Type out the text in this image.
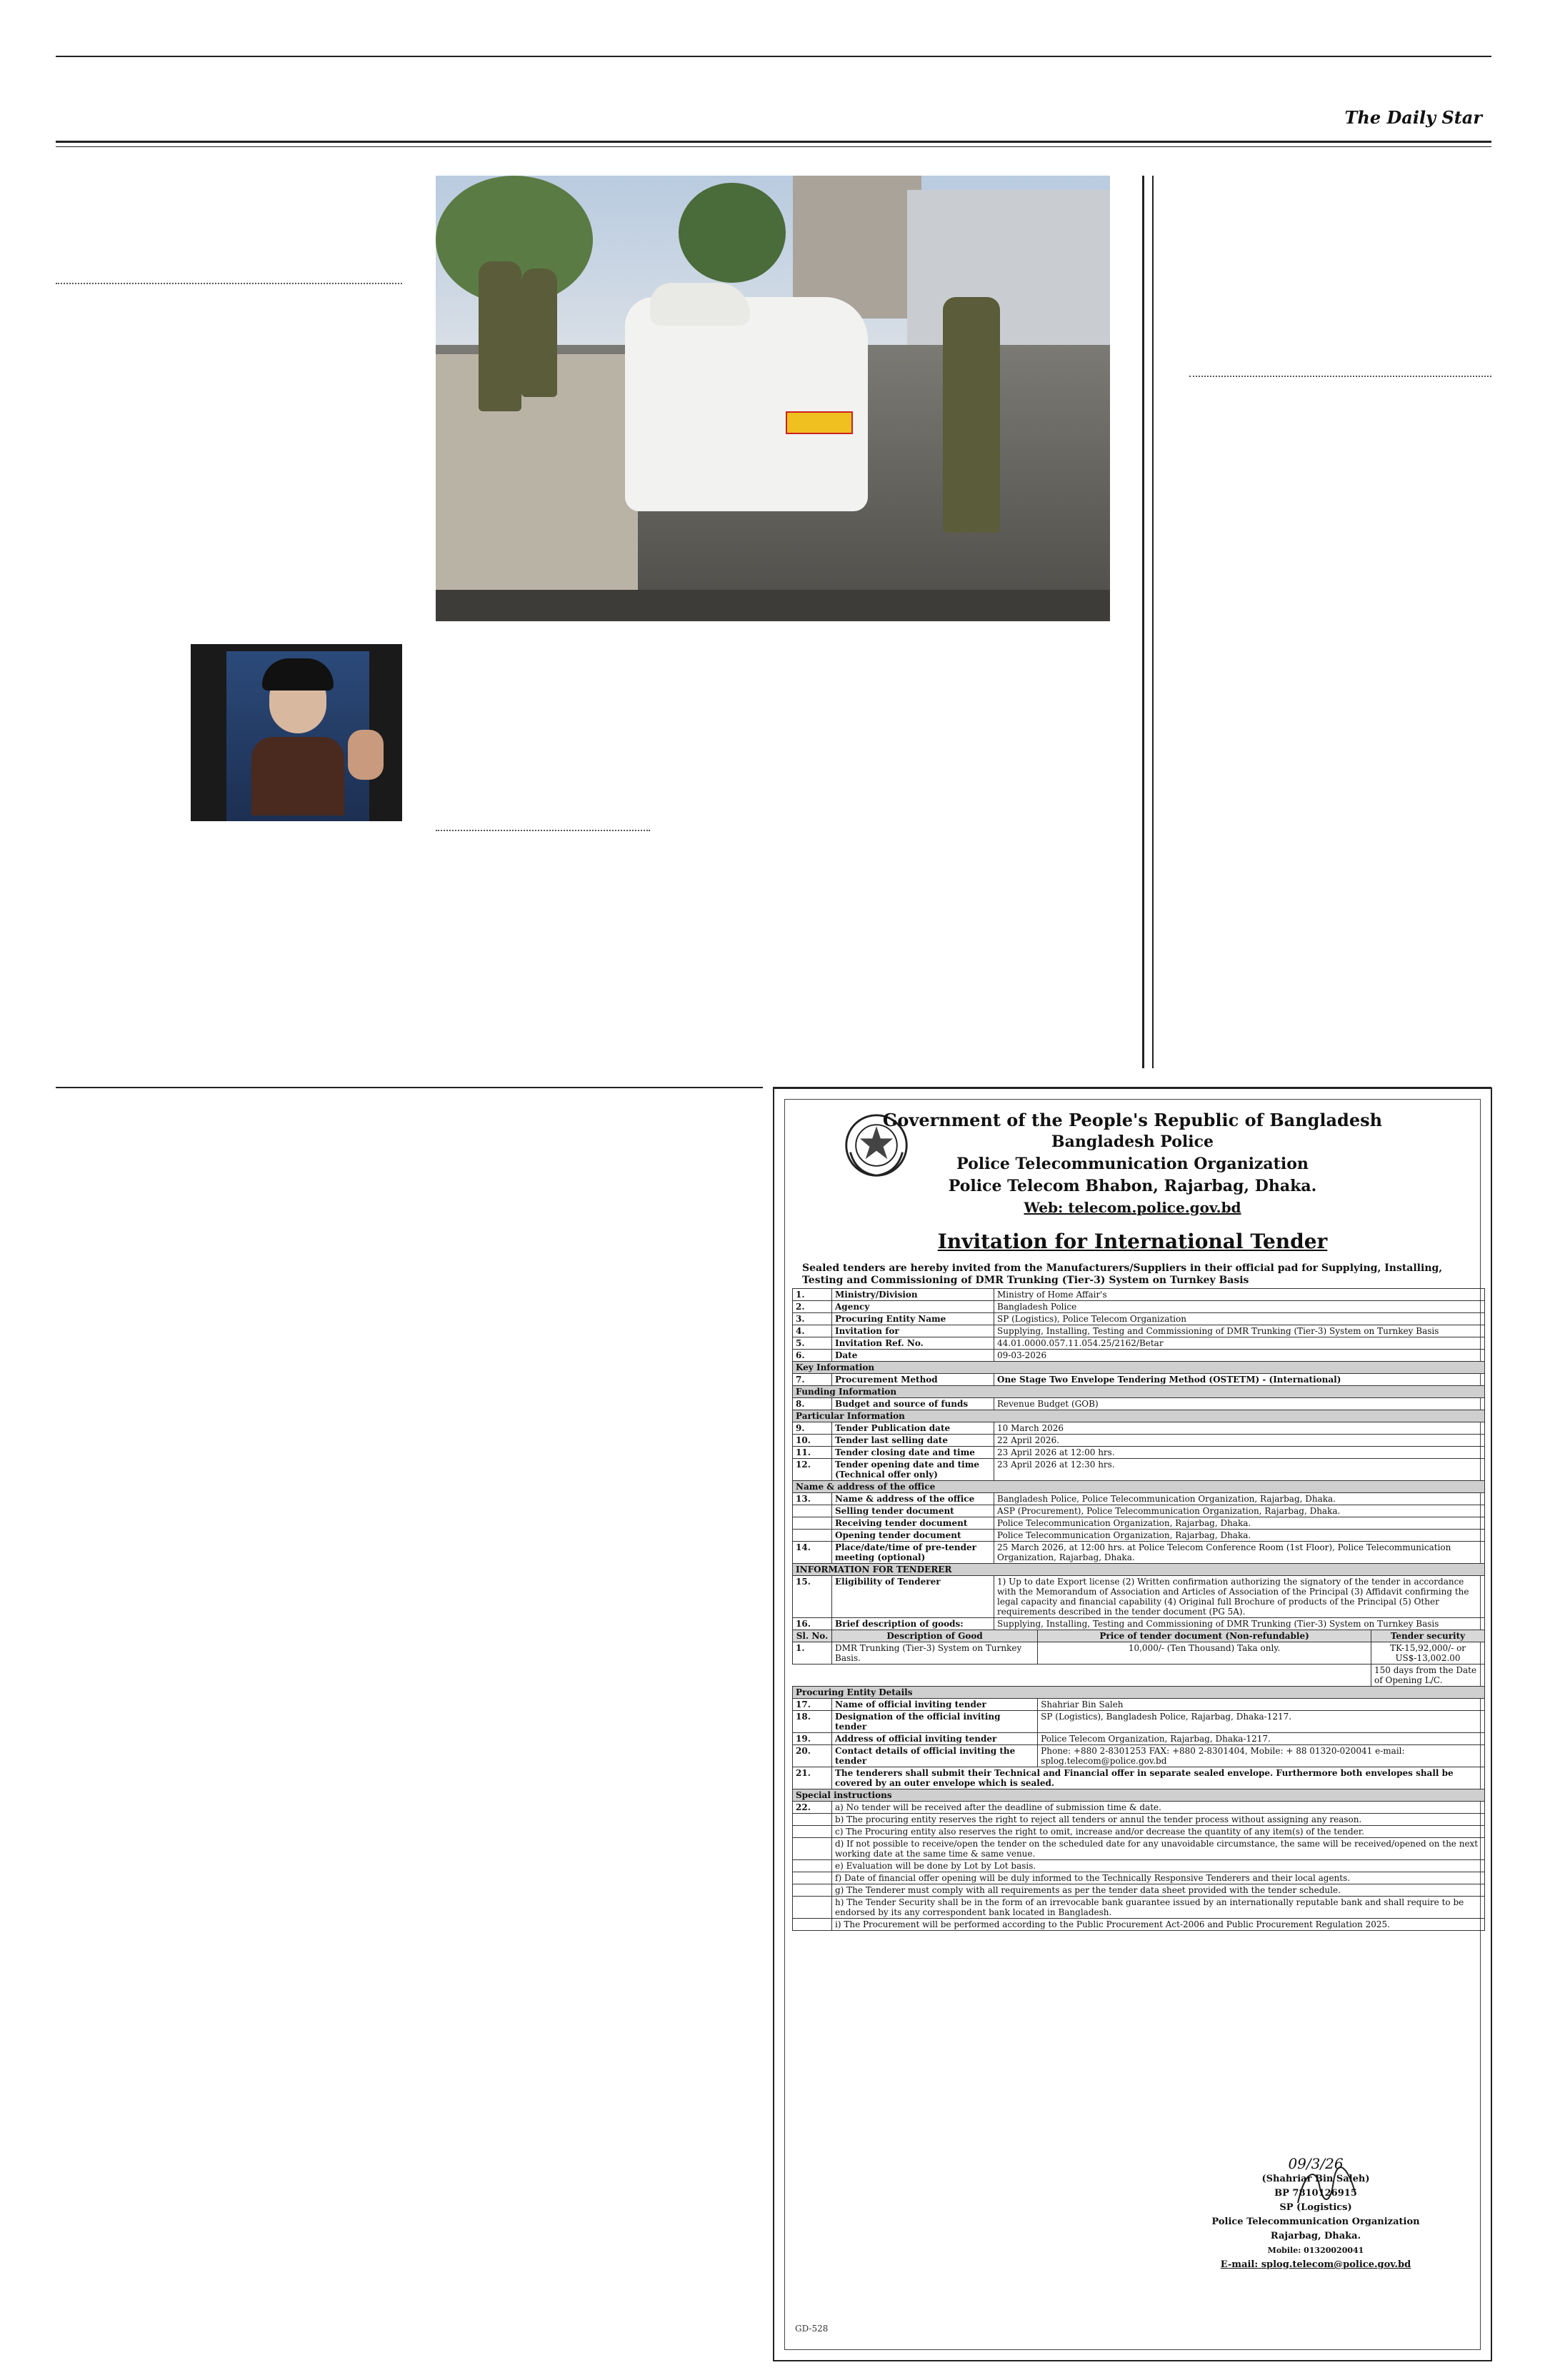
The Daily Star
Government of the People's Republic of Bangladesh
Bangladesh Police
Police Telecommunication Organization
Police Telecom Bhabon, Rajarbag, Dhaka.
Web: telecom.police.gov.bd
Invitation for International Tender
Sealed tenders are hereby invited from the Manufacturers/Suppliers in their official pad for Supplying, Installing, Testing and Commissioning of DMR Trunking (Tier-3) System on Turnkey Basis
1.	Ministry/Division	Ministry of Home Affair's		
2.	Agency	Bangladesh Police		
3.	Procuring Entity Name	SP (Logistics), Police Telecom Organization		
4.	Invitation for	Supplying, Installing, Testing and Commissioning of DMR Trunking (Tier-3) System on Turnkey Basis		
5.	Invitation Ref. No.	44.01.0000.057.11.054.25/2162/Betar		
6.	Date	09-03-2026		
Key Information				
7.	Procurement Method	One Stage Two Envelope Tendering Method (OSTETM) - (International)		
Funding Information				
8.	Budget and source of funds	Revenue Budget (GOB)		
Particular Information				
9.	Tender Publication date	10 March 2026		
10.	Tender last selling date	22 April 2026.		
11.	Tender closing date and time	23 April 2026 at 12:00 hrs.		
12.	Tender opening date and time (Technical offer only)	23 April 2026 at 12:30 hrs.		
Name & address of the office				
13.	Name & address of the office	Bangladesh Police, Police Telecommunication Organization, Rajarbag, Dhaka.		
	Selling tender document	ASP (Procurement), Police Telecommunication Organization, Rajarbag, Dhaka.		
	Receiving tender document	Police Telecommunication Organization, Rajarbag, Dhaka.		
	Opening tender document	Police Telecommunication Organization, Rajarbag, Dhaka.		
14.	Place/date/time of pre-tender meeting (optional)	25 March 2026, at 12:00 hrs. at Police Telecom Conference Room (1st Floor), Police Telecommunication Organization, Rajarbag, Dhaka.		
INFORMATION FOR TENDERER				
15.	Eligibility of Tenderer	1) Up to date Export license (2) Written confirmation authorizing the signatory of the tender in accordance with the Memorandum of Association and Articles of Association of the Principal (3) Affidavit confirming the legal capacity and financial capability (4) Original full Brochure of products of the Principal (5) Other requirements described in the tender document (PG 5A).		
16.	Brief description of goods:	Supplying, Installing, Testing and Commissioning of DMR Trunking (Tier-3) System on Turnkey Basis		
Sl. No.	Description of Good		Price of tender document (Non-refundable)	Tender security
1.	DMR Trunking (Tier-3) System on Turnkey Basis.		10,000/- (Ten Thousand) Taka only.	TK-15,92,000/- or US$-13,002.00
				150 days from the Date of Opening L/C.
Procuring Entity Details				
17.	Name of official inviting tender		Shahriar Bin Saleh	
18.	Designation of the official inviting tender		SP (Logistics), Bangladesh Police, Rajarbag, Dhaka-1217.	
19.	Address of official inviting tender		Police Telecom Organization, Rajarbag, Dhaka-1217.	
20.	Contact details of official inviting the tender		Phone: +880 2-8301253 FAX: +880 2-8301404, Mobile: + 88 01320-020041 e-mail: splog.telecom@police.gov.bd	
21.	The tenderers shall submit their Technical and Financial offer in separate sealed envelope. Furthermore both envelopes shall be covered by an outer envelope which is sealed.			
Special instructions				
22.	a) No tender will be received after the deadline of submission time & date.			
	b) The procuring entity reserves the right to reject all tenders or annul the tender process without assigning any reason.			
	c) The Procuring entity also reserves the right to omit, increase and/or decrease the quantity of any item(s) of the tender.			
	d) If not possible to receive/open the tender on the scheduled date for any unavoidable circumstance, the same will be received/opened on the next working date at the same time & same venue.			
	e) Evaluation will be done by Lot by Lot basis.			
	f) Date of financial offer opening will be duly informed to the Technically Responsive Tenderers and their local agents.			
	g) The Tenderer must comply with all requirements as per the tender data sheet provided with the tender schedule.			
	h) The Tender Security shall be in the form of an irrevocable bank guarantee issued by an internationally reputable bank and shall require to be endorsed by its any correspondent bank located in Bangladesh.			
	i) The Procurement will be performed according to the Public Procurement Act-2006 and Public Procurement Regulation 2025.			
09/3/26
(Shahriar Bin Saleh)
BP 7810126915
SP (Logistics)
Police Telecommunication Organization
Rajarbag, Dhaka.
Mobile: 01320020041
E-mail: splog.telecom@police.gov.bd
GD-528
